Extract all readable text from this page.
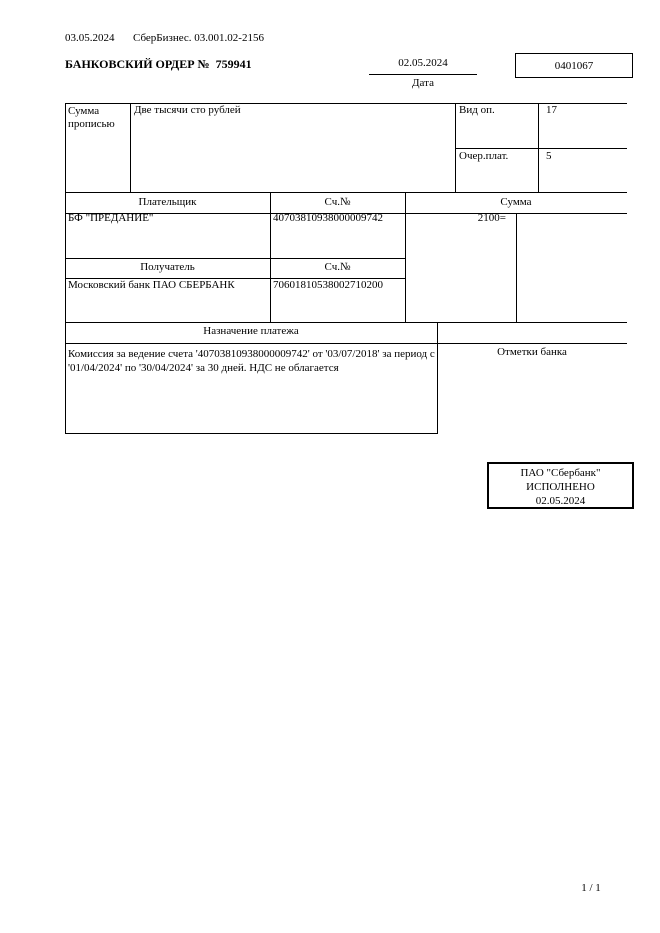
03.05.2024 СберБизнес. 03.001.02-2156
БАНКОВСКИЙ ОРДЕР №  759941	02.05.2024
Дата
0401067
Сумма прописью
Две тысячи сто рублей	Вид оп.	17
Очер.плат.	5
Плательщик	Сч.№	Сумма
БФ "ПРЕДАНИЕ"	40703810938000009742	2100=
Получатель	Сч.№
Московский банк ПАО СБЕРБАНК	70601810538002710200
Назначение платежа
Комиссия за ведение счета '40703810938000009742' от '03/07/2018' за период с '01/04/2024' по '30/04/2024' за 30 дней. НДС не облагается
Отметки банка
ПАО "Сбербанк"
ИСПОЛНЕНО
02.05.2024
1 / 1
